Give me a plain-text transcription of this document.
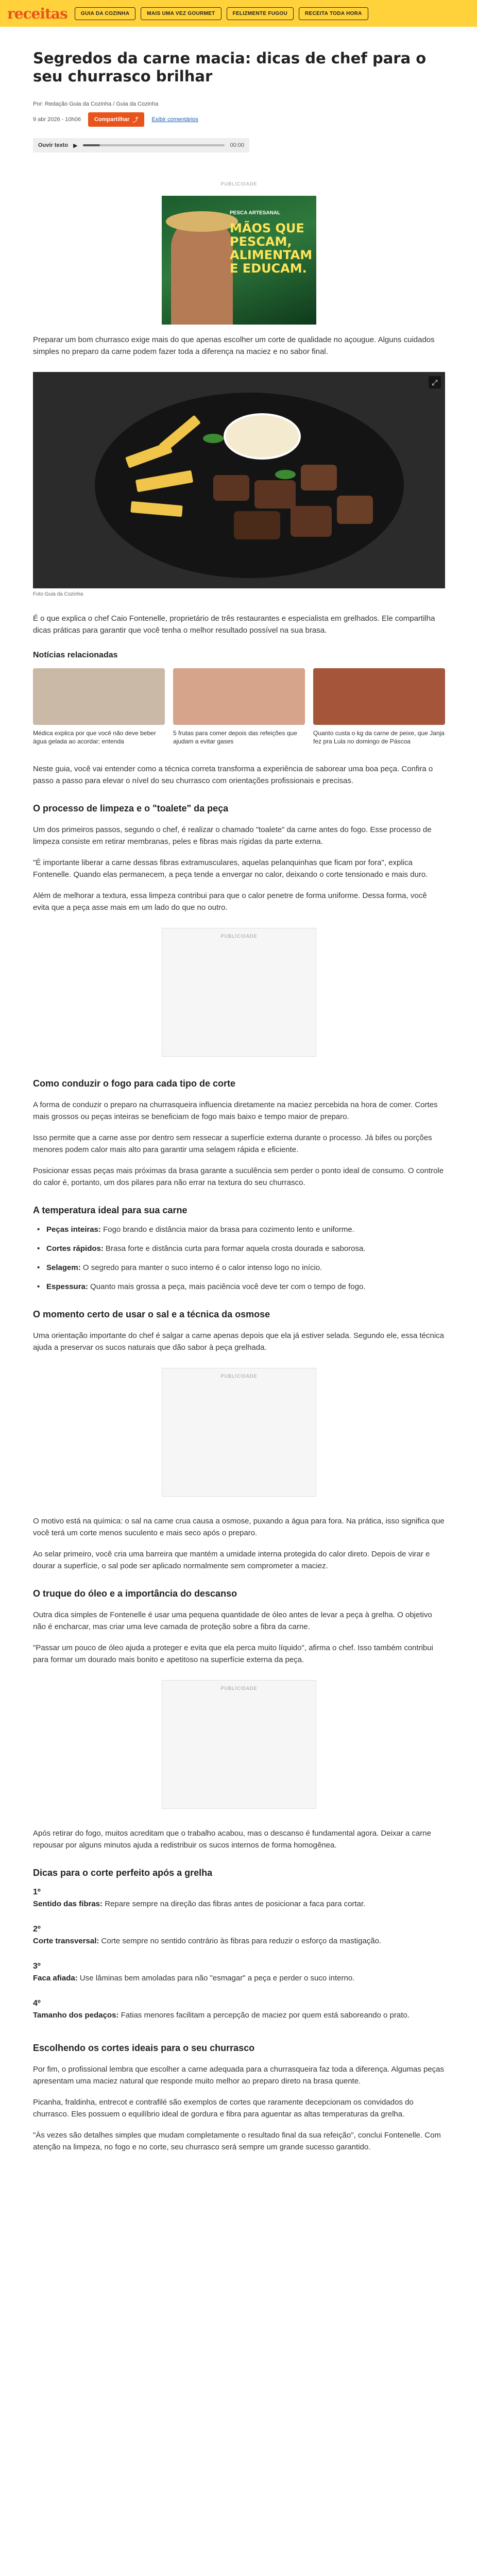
receitas	GUIA DA COZINHA	MAIS UMA VEZ GOURMET	FELIZMENTE FUGOU	RECEITA TODA HORA
Segredos da carne macia: dicas de chef para o seu churrasco brilhar
Por: Redação Guia da Cozinha / Guia da Cozinha
9 abr 2026 - 10h06 Compartilhar ⤴ Exibir comentários
Ouvir texto ▶	00:00
PUBLICIDADE
PESCA ARTESANAL
MÃOS QUE PESCAM, ALIMENTAM E EDUCAM.

Preparar um bom churrasco exige mais do que apenas escolher um corte de qualidade no açougue. Alguns cuidados simples no preparo da carne podem fazer toda a diferença na maciez e no sabor final.

⤢
Foto Guia da Cozinha

É o que explica o chef Caio Fontenelle, proprietário de três restaurantes e especialista em grelhados. Ele compartilha dicas práticas para garantir que você tenha o melhor resultado possível na sua brasa.

Notícias relacionadas
Médica explica por que você não deve beber água gelada ao acordar; entenda
5 frutas para comer depois das refeições que ajudam a evitar gases
Quanto custa o kg da carne de peixe, que Janja fez pra Lula no domingo de Páscoa

Neste guia, você vai entender como a técnica correta transforma a experiência de saborear uma boa peça. Confira o passo a passo para elevar o nível do seu churrasco com orientações profissionais e precisas.

O processo de limpeza e o "toalete" da peça

Um dos primeiros passos, segundo o chef, é realizar o chamado "toalete" da carne antes do fogo. Esse processo de limpeza consiste em retirar membranas, peles e fibras mais rígidas da parte externa.

"É importante liberar a carne dessas fibras extramusculares, aquelas pelanquinhas que ficam por fora", explica Fontenelle. Quando elas permanecem, a peça tende a envergar no calor, deixando o corte tensionado e mais duro.

Além de melhorar a textura, essa limpeza contribui para que o calor penetre de forma uniforme. Dessa forma, você evita que a peça asse mais em um lado do que no outro.

PUBLICIDADE
Como conduzir o fogo para cada tipo de corte

A forma de conduzir o preparo na churrasqueira influencia diretamente na maciez percebida na hora de comer. Cortes mais grossos ou peças inteiras se beneficiam de fogo mais baixo e tempo maior de preparo.

Isso permite que a carne asse por dentro sem ressecar a superfície externa durante o processo. Já bifes ou porções menores podem calor mais alto para garantir uma selagem rápida e eficiente.

Posicionar essas peças mais próximas da brasa garante a suculência sem perder o ponto ideal de consumo. O controle do calor é, portanto, um dos pilares para não errar na textura do seu churrasco.

A temperatura ideal para sua carne
• Peças inteiras: Fogo brando e distância maior da brasa para cozimento lento e uniforme.
• Cortes rápidos: Brasa forte e distância curta para formar aquela crosta dourada e saborosa.
• Selagem: O segredo para manter o suco interno é o calor intenso logo no início.
• Espessura: Quanto mais grossa a peça, mais paciência você deve ter com o tempo de fogo.
O momento certo de usar o sal e a técnica da osmose

Uma orientação importante do chef é salgar a carne apenas depois que ela já estiver selada. Segundo ele, essa técnica ajuda a preservar os sucos naturais que dão sabor à peça grelhada.

PUBLICIDADE

O motivo está na química: o sal na carne crua causa a osmose, puxando a água para fora. Na prática, isso significa que você terá um corte menos suculento e mais seco após o preparo.

Ao selar primeiro, você cria uma barreira que mantém a umidade interna protegida do calor direto. Depois de virar e dourar a superfície, o sal pode ser aplicado normalmente sem comprometer a maciez.

O truque do óleo e a importância do descanso

Outra dica simples de Fontenelle é usar uma pequena quantidade de óleo antes de levar a peça à grelha. O objetivo não é encharcar, mas criar uma leve camada de proteção sobre a fibra da carne.

"Passar um pouco de óleo ajuda a proteger e evita que ela perca muito líquido", afirma o chef. Isso também contribui para formar um dourado mais bonito e apetitoso na superfície externa da peça.

PUBLICIDADE

Após retirar do fogo, muitos acreditam que o trabalho acabou, mas o descanso é fundamental agora. Deixar a carne repousar por alguns minutos ajuda a redistribuir os sucos internos de forma homogênea.

Dicas para o corte perfeito após a grelha
1º
Sentido das fibras: Repare sempre na direção das fibras antes de posicionar a faca para cortar.
2º
Corte transversal: Corte sempre no sentido contrário às fibras para reduzir o esforço da mastigação.
3º
Faca afiada: Use lâminas bem amoladas para não "esmagar" a peça e perder o suco interno.
4º
Tamanho dos pedaços: Fatias menores facilitam a percepção de maciez por quem está saboreando o prato.
Escolhendo os cortes ideais para o seu churrasco

Por fim, o profissional lembra que escolher a carne adequada para a churrasqueira faz toda a diferença. Algumas peças apresentam uma maciez natural que responde muito melhor ao preparo direto na brasa quente.

Picanha, fraldinha, entrecot e contrafilé são exemplos de cortes que raramente decepcionam os convidados do churrasco. Eles possuem o equilíbrio ideal de gordura e fibra para aguentar as altas temperaturas da grelha.

"Às vezes são detalhes simples que mudam completamente o resultado final da sua refeição", conclui Fontenelle. Com atenção na limpeza, no fogo e no corte, seu churrasco será sempre um grande sucesso garantido.
